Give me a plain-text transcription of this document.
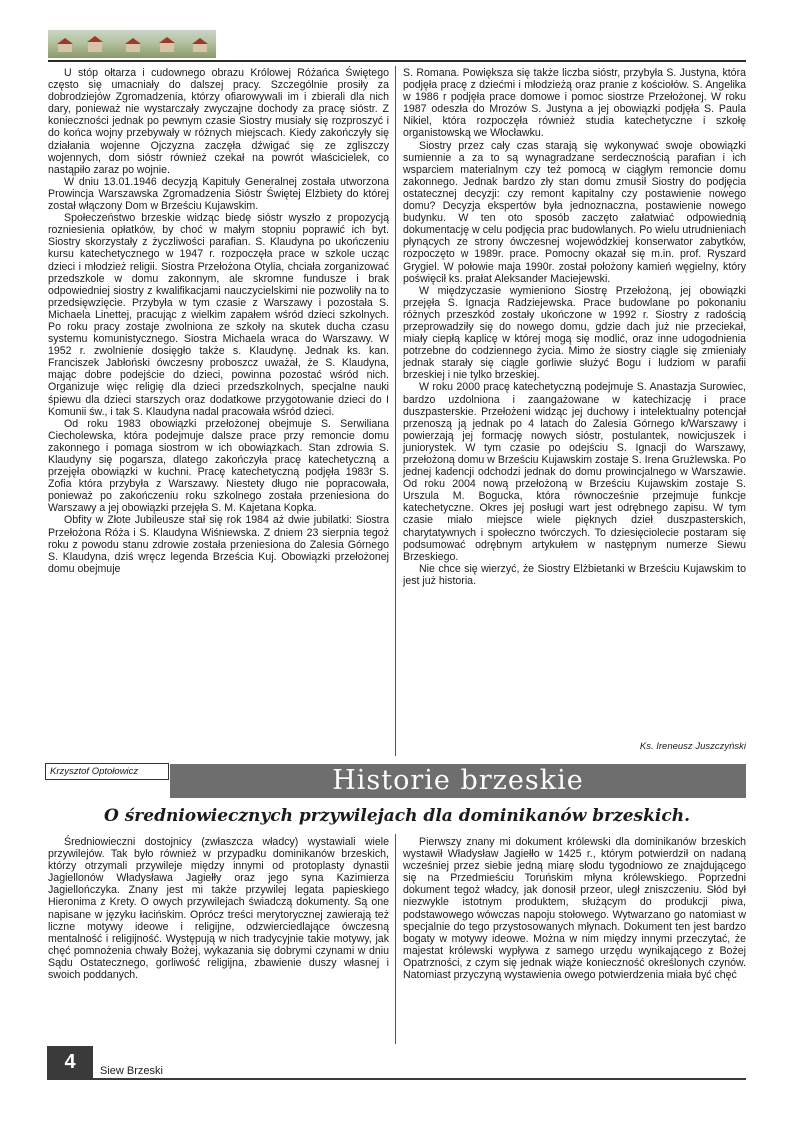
U stóp ołtarza i cudownego obrazu Królowej Różańca Świętego często się umacniały do dalszej pracy. Szczególnie prosiły za dobrodziejów Zgromadzenia, którzy ofiarowywali im i zbierali dla nich dary, ponieważ nie wystarczały zwyczajne dochody za pracę sióstr. Z konieczności jednak po pewnym czasie Siostry musiały się rozproszyć i do końca wojny przebywały w różnych miejscach. Kiedy zakończyły się działania wojenne Ojczyzna zaczęła dźwigać się ze zgliszczy wojennych, dom sióstr również czekał na powrót właścicielek, co nastąpiło zaraz po wojnie.

W dniu 13.01.1946 decyzją Kapituły Generalnej została utworzona Prowincja Warszawska Zgromadzenia Sióstr Świętej Elżbiety do której został włączony Dom w Brześciu Kujawskim.

Społeczeństwo brzeskie widząc biedę sióstr wyszło z propozycją rozniesienia opłatków, by choć w małym stopniu poprawić ich byt. Siostry skorzystały z życzliwości parafian. S. Klaudyna po ukończeniu kursu katechetycznego w 1947 r. rozpoczęła prace w szkole ucząc dzieci i młodzież religii. Siostra Przełożona Otylia, chciała zorganizować przedszkole w domu zakonnym, ale skromne fundusze i brak odpowiedniej siostry z kwalifikacjami nauczycielskimi nie pozwoliły na to przedsięwzięcie. Przybyła w tym czasie z Warszawy i pozostała S. Michaela Linettej, pracując z wielkim zapałem wśród dzieci szkolnych. Po roku pracy zostaje zwolniona ze szkoły na skutek ducha czasu systemu komunistycznego. Siostra Michaela wraca do Warszawy. W 1952 r. zwolnienie dosięgło także s. Klaudynę. Jednak ks. kan. Franciszek Jabłoński ówczesny proboszcz uważał, że S. Klaudyna, mając dobre podejście do dzieci, powinna pozostać wśród nich. Organizuje więc religię dla dzieci przedszkolnych, specjalne nauki śpiewu dla dzieci starszych oraz dodatkowe przygotowanie dzieci do I Komunii św., i tak S. Klaudyna nadal pracowała wśród dzieci.

Od roku 1983 obowiązki przełożonej obejmuje S. Serwiliana Ciecholewska, która podejmuje dalsze prace przy remoncie domu zakonnego i pomaga siostrom w ich obowiązkach. Stan zdrowia S. Klaudyny się pogarsza, dlatego zakończyła pracę katechetyczną a przejęła obowiązki w kuchni. Pracę katechetyczną podjęła 1983r S. Zofia która przybyła z Warszawy. Niestety długo nie popracowała, ponieważ po zakończeniu roku szkolnego została przeniesiona do Warszawy a jej obowiązki przejęła S. M. Kajetana Kopka.

Obfity w Złote Jubileusze stał się rok 1984 aż dwie jubilatki: Siostra Przełożona Róża i S. Klaudyna Wiśniewska. Z dniem 23 sierpnia tegoż roku z powodu stanu zdrowie została przeniesiona do Zalesia Górnego S. Klaudyna, dziś wręcz legenda Brześcia Kuj. Obowiązki przełożonej domu obejmuje

S. Romana. Powiększa się także liczba sióstr, przybyła S. Justyna, która podjęła pracę z dziećmi i młodzieżą oraz pranie z kościołów. S. Angelika w 1986 r podjęła prace domowe i pomoc siostrze Przełożonej. W roku 1987 odeszła do Mrozów S. Justyna a jej obowiązki podjęła S. Paula Nikiel, która rozpoczęła również studia katechetyczne i szkołę organistowską we Włocławku.

Siostry przez cały czas starają się wykonywać swoje obowiązki sumiennie a za to są wynagradzane serdecznością parafian i ich wsparciem materialnym czy też pomocą w ciągłym remoncie domu zakonnego. Jednak bardzo zły stan domu zmusił Siostry do podjęcia ostatecznej decyzji: czy remont kapitalny czy postawienie nowego domu? Decyzja ekspertów była jednoznaczna, postawienie nowego budynku. W ten oto sposób zaczęto załatwiać odpowiednią dokumentację w celu podjęcia prac budowlanych. Po wielu utrudnieniach płynących ze strony ówczesnej wojewódzkiej konserwator zabytków, rozpoczęto w 1989r. prace. Pomocny okazał się m.in. prof. Ryszard Grygiel. W połowie maja 1990r. został położony kamień węgielny, który poświęcił ks. prałat Aleksander Maciejewski.

W międzyczasie wymieniono Siostrę Przełożoną, jej obowiązki przejęła S. Ignacja Radziejewska. Prace budowlane po pokonaniu różnych przeszkód zostały ukończone w 1992 r. Siostry z radością przeprowadziły się do nowego domu, gdzie dach już nie przeciekał, miały ciepłą kaplicę w której mogą się modlić, oraz inne udogodnienia potrzebne do codziennego życia. Mimo że siostry ciągle się zmieniały jednak starały się ciągle gorliwie służyć Bogu i ludziom w parafii brzeskiej i nie tylko brzeskiej.

W roku 2000 pracę katechetyczną podejmuje S. Anastazja Surowiec, bardzo uzdolniona i zaangażowane w katechizację i prace duszpasterskie. Przełożeni widząc jej duchowy i intelektualny potencjał przenoszą ją jednak po 4 latach do Zalesia Górnego k/Warszawy i powierzają jej formację nowych sióstr, postulantek, nowicjuszek i juniorystek. W tym czasie po odejściu S. Ignacji do Warszawy, przełożoną domu w Brześciu Kujawskim zostaje S. Irena Grużlewska. Po jednej kadencji odchodzi jednak do domu prowincjalnego w Warszawie. Od roku 2004 nową przełożoną w Brześciu Kujawskim zostaje S. Urszula M. Bogucka, która równocześnie przejmuje funkcje katechetyczne. Okres jej posługi wart jest odrębnego zapisu. W tym czasie miało miejsce wiele pięknych dzieł duszpasterskich, charytatywnych i społeczno twórczych. To dziesięciolecie postaram się podsumować odrębnym artykułem w następnym numerze Siewu Brzeskiego.

Nie chce się wierzyć, że Siostry Elżbietanki w Brześciu Kujawskim to jest już historia.

Ks. Ireneusz Juszczyński
Krzysztof Optołowicz	Historie brzeskie
O średniowiecznych przywilejach dla dominikanów brzeskich.

Średniowieczni dostojnicy (zwłaszcza władcy) wystawiali wiele przywilejów. Tak było również w przypadku dominikanów brzeskich, którzy otrzymali przywileje między innymi od protoplasty dynastii Jagiellonów Władysława Jagiełły oraz jego syna Kazimierza Jagiellończyka. Znany jest mi także przywilej legata papieskiego Hieronima z Krety. O owych przywilejach świadczą dokumenty. Są one napisane w języku łacińskim. Oprócz treści merytorycznej zawierają też liczne motywy ideowe i religijne, odzwierciedlające ówczesną mentalność i religijność. Występują w nich tradycyjnie takie motywy, jak chęć pomnożenia chwały Bożej, wykazania się dobrymi czynami w dniu Sądu Ostatecznego, gorliwość religijna, zbawienie duszy własnej i swoich poddanych.

Pierwszy znany mi dokument królewski dla dominikanów brzeskich wystawił Władysław Jagiełło w 1425 r., którym potwierdził on nadaną wcześniej przez siebie jedną miarę słodu tygodniowo ze znajdującego się na Przedmieściu Toruńskim młyna królewskiego. Poprzedni dokument tegoż władcy, jak donosił przeor, uległ zniszczeniu. Słód był niezwykle istotnym produktem, służącym do produkcji piwa, podstawowego wówczas napoju stołowego. Wytwarzano go natomiast w specjalnie do tego przystosowanych młynach. Dokument ten jest bardzo bogaty w motywy ideowe. Można w nim między innymi przeczytać, że majestat królewski wypływa z samego urzędu wynikającego z Bożej Opatrzności, z czym się jednak wiąże konieczność określonych czynów. Natomiast przyczyną wystawienia owego potwierdzenia miała być chęć

4	Siew Brzeski
